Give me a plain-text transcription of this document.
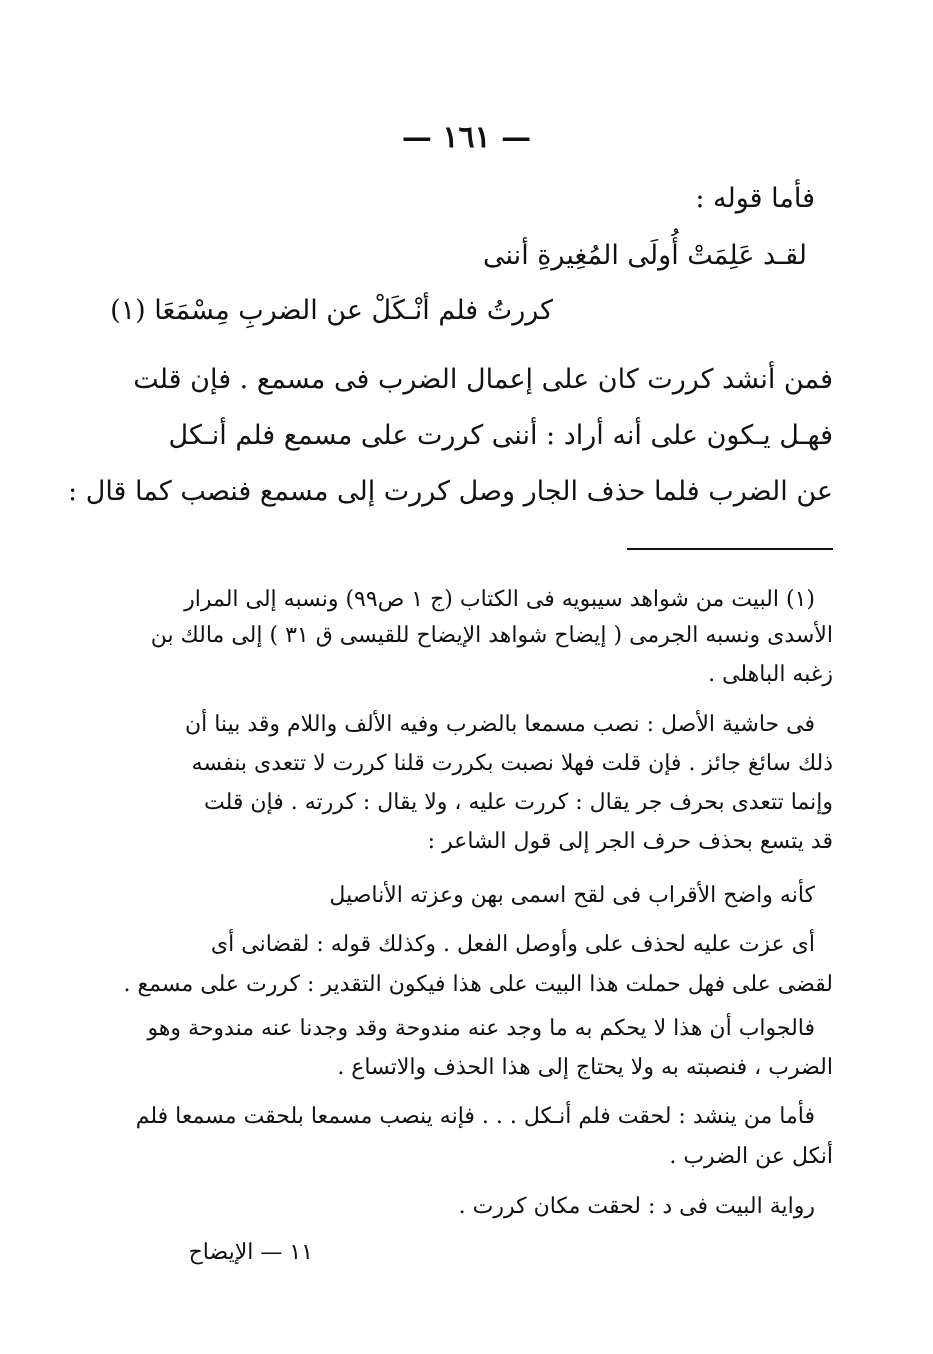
— ١٦١ —
فأما قوله :
لقـد عَلِمَتْ أُولَى المُغِيرةِ أننى
كررتُ فلم أنْـكَلْ عن الضربِ مِسْمَعَا (١)
فمن أنشد كررت كان على إعمال الضرب فى مسمع . فإن قلت
فهـل يـكون على أنه أراد : أننى كررت على مسمع فلم أنـكل
عن الضرب فلما حذف الجار وصل كررت إلى مسمع فنصب كما قال :
(١) البيت من شواهد سيبويه فى الكتاب (ج ١ ص٩٩) ونسبه إلى المرار
الأسدى ونسبه الجرمى ( إيضاح شواهد الإيضاح للقيسى ق ٣١ ) إلى مالك بن
زغبه الباهلى .
فى حاشية الأصل : نصب مسمعا بالضرب وفيه الألف واللام وقد بينا أن
ذلك سائغ جائز . فإن قلت فهلا نصبت بكررت قلنا كررت لا تتعدى بنفسه
وإنما تتعدى بحرف جر يقال : كررت عليه ، ولا يقال : كررته . فإن قلت
قد يتسع بحذف حرف الجر إلى قول الشاعر :
كأنه واضح الأقراب فى لقح اسمى بهن وعزته الأناصيل
أى عزت عليه لحذف على وأوصل الفعل . وكذلك قوله : لقضانى أى
لقضى على فهل حملت هذا البيت على هذا فيكون التقدير : كررت على مسمع .
فالجواب أن هذا لا يحكم به ما وجد عنه مندوحة وقد وجدنا عنه مندوحة وهو
الضرب ، فنصبته به ولا يحتاج إلى هذا الحذف والاتساع .
فأما من ينشد : لحقت فلم أنـكل . . . فإنه ينصب مسمعا بلحقت مسمعا فلم
أنكل عن الضرب .
رواية البيت فى د : لحقت مكان كررت .
١١ — الإيضاح
